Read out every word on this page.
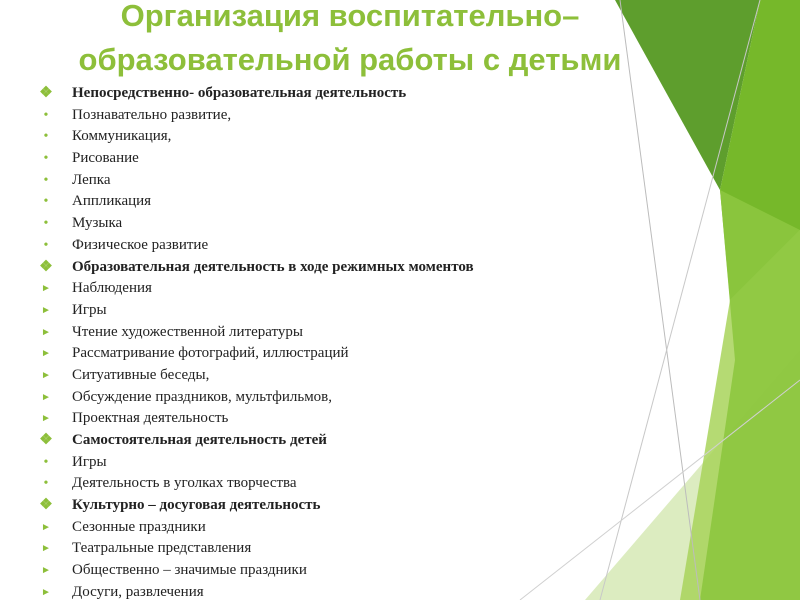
Организация воспитательно–
образовательной работы с детьми
❖ Непосредственно- образовательная деятельность
•	Познавательно развитие,
•	Коммуникация,
•	Рисование
•	Лепка
•	Аппликация
•	Музыка
•	Физическое развитие
❖ Образовательная деятельность в ходе режимных моментов
►	Наблюдения
►	Игры
►	Чтение художественной литературы
►	Рассматривание фотографий, иллюстраций
►	Ситуативные беседы,
►	Обсуждение праздников, мультфильмов,
►	Проектная деятельность
❖ Самостоятельная деятельность детей
•	Игры
•	Деятельность в уголках творчества
❖ Культурно – досуговая деятельность
►	Сезонные праздники
►	Театральные представления
►	Общественно – значимые праздники
►	Досуги, развлечения
